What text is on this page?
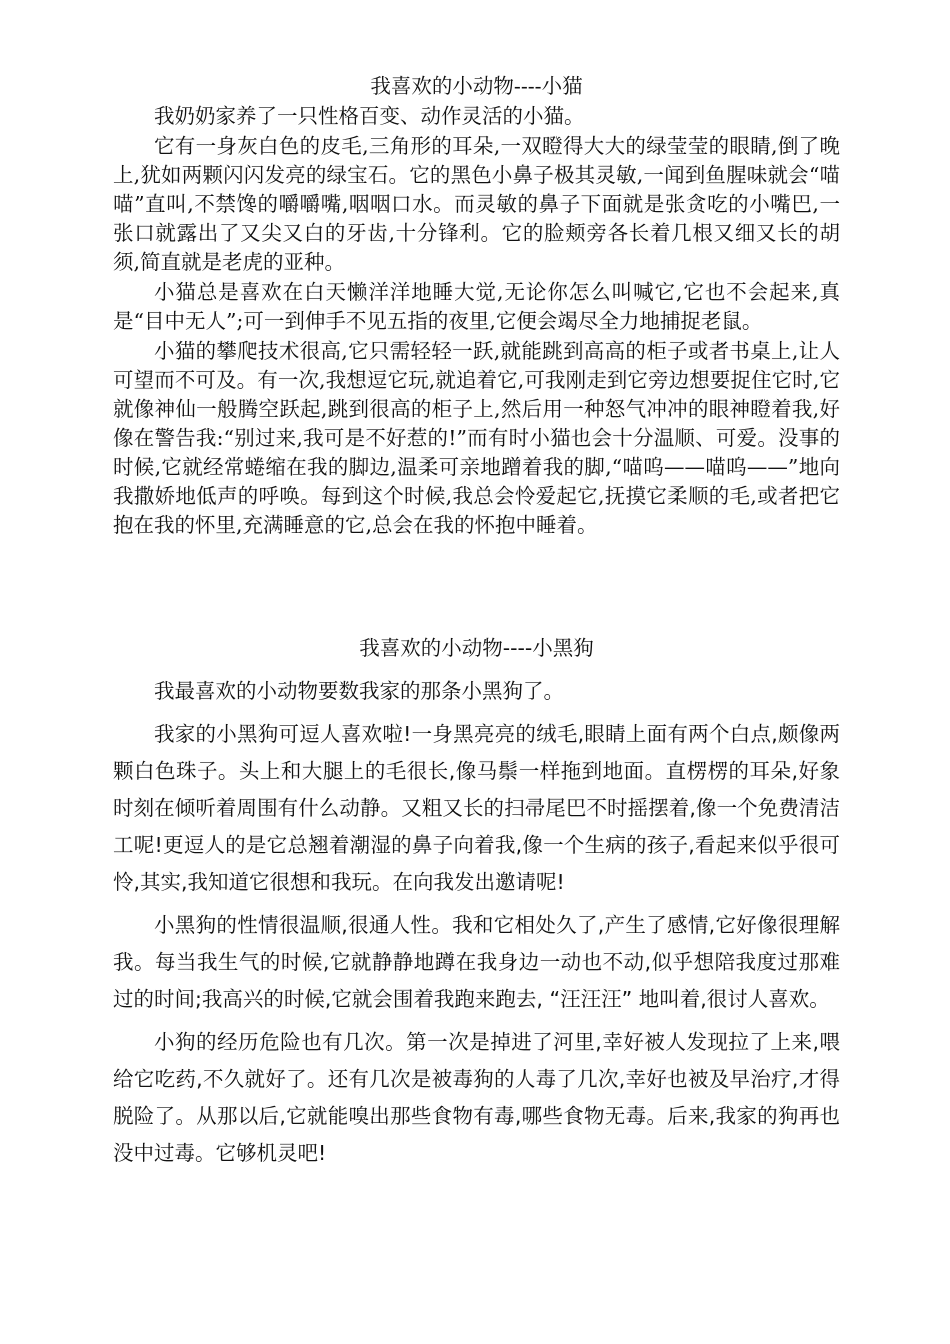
我喜欢的小动物----小猫

我奶奶家养了一只性格百变、动作灵活的小猫。

它有一身灰白色的皮毛,三角形的耳朵,一双瞪得大大的绿莹莹的眼睛,倒了晚上,犹如两颗闪闪发亮的绿宝石。它的黑色小鼻子极其灵敏,一闻到鱼腥味就会“喵喵”直叫,不禁馋的嚼嚼嘴,咽咽口水。而灵敏的鼻子下面就是张贪吃的小嘴巴,一张口就露出了又尖又白的牙齿,十分锋利。它的脸颊旁各长着几根又细又长的胡须,简直就是老虎的亚种。

小猫总是喜欢在白天懒洋洋地睡大觉,无论你怎么叫喊它,它也不会起来,真是“目中无人”;可一到伸手不见五指的夜里,它便会竭尽全力地捕捉老鼠。

小猫的攀爬技术很高,它只需轻轻一跃,就能跳到高高的柜子或者书桌上,让人可望而不可及。有一次,我想逗它玩,就追着它,可我刚走到它旁边想要捉住它时,它就像神仙一般腾空跃起,跳到很高的柜子上,然后用一种怒气冲冲的眼神瞪着我,好像在警告我:“别过来,我可是不好惹的!”而有时小猫也会十分温顺、可爱。没事的时候,它就经常蜷缩在我的脚边,温柔可亲地蹭着我的脚,“喵呜——喵呜——”地向我撒娇地低声的呼唤。每到这个时候,我总会怜爱起它,抚摸它柔顺的毛,或者把它抱在我的怀里,充满睡意的它,总会在我的怀抱中睡着。

我喜欢的小动物----小黑狗

我最喜欢的小动物要数我家的那条小黑狗了。

我家的小黑狗可逗人喜欢啦!一身黑亮亮的绒毛,眼睛上面有两个白点,颇像两颗白色珠子。头上和大腿上的毛很长,像马鬃一样拖到地面。直楞楞的耳朵,好象时刻在倾听着周围有什么动静。又粗又长的扫帚尾巴不时摇摆着,像一个免费清洁工呢!更逗人的是它总翘着潮湿的鼻子向着我,像一个生病的孩子,看起来似乎很可怜,其实,我知道它很想和我玩。在向我发出邀请呢!

小黑狗的性情很温顺,很通人性。我和它相处久了,产生了感情,它好像很理解我。每当我生气的时候,它就静静地蹲在我身边一动也不动,似乎想陪我度过那难过的时间;我高兴的时候,它就会围着我跑来跑去, “汪汪汪” 地叫着,很讨人喜欢。

小狗的经历危险也有几次。第一次是掉进了河里,幸好被人发现拉了上来,喂给它吃药,不久就好了。还有几次是被毒狗的人毒了几次,幸好也被及早治疗,才得脱险了。从那以后,它就能嗅出那些食物有毒,哪些食物无毒。后来,我家的狗再也没中过毒。它够机灵吧!
